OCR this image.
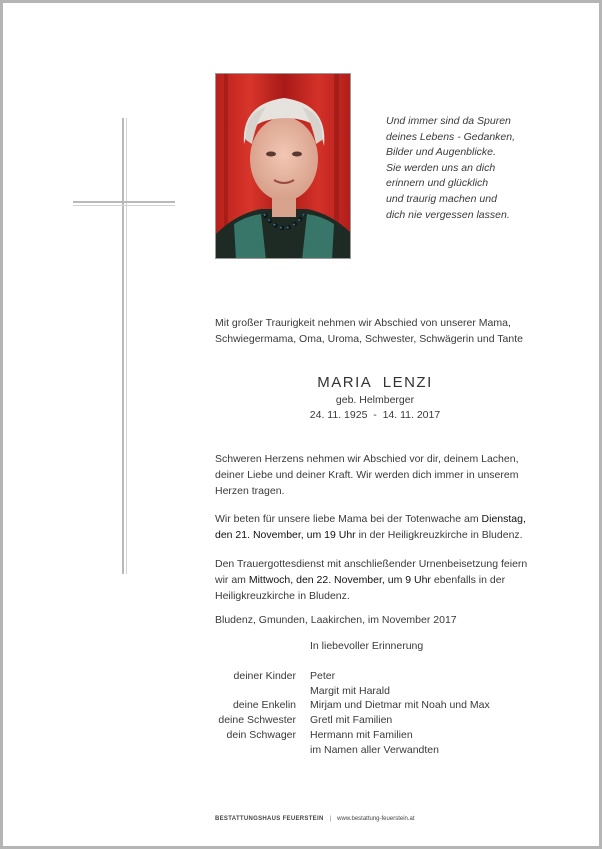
Und immer sind da Spuren
deines Lebens - Gedanken,
Bilder und Augenblicke.
Sie werden uns an dich
erinnern und glücklich
und traurig machen und
dich nie vergessen lassen.
Mit großer Traurigkeit nehmen wir Abschied von unserer Mama,
Schwiegermama, Oma, Uroma, Schwester, Schwägerin und Tante
MARIA  LENZI
geb. Helmberger
24. 11. 1925  -  14. 11. 2017
Schweren Herzens nehmen wir Abschied vor dir, deinem Lachen,
deiner Liebe und deiner Kraft. Wir werden dich immer in unserem
Herzen tragen.
Wir beten für unsere liebe Mama bei der Totenwache am Dienstag,
den 21. November, um 19 Uhr in der Heiligkreuzkirche in Bludenz.
Den Trauergottesdienst mit anschließender Urnenbeisetzung feiern
wir am Mittwoch, den 22. November, um 9 Uhr ebenfalls in der
Heiligkreuzkirche in Bludenz.
Bludenz, Gmunden, Laakirchen, im November 2017
In liebevoller Erinnerung
deiner Kinder	Peter
Margit mit Harald
deine Enkelin	Mirjam und Dietmar mit Noah und Max
deine Schwester	Gretl mit Familien
dein Schwager	Hermann mit Familien
im Namen aller Verwandten
BESTATTUNGSHAUS FEUERSTEIN | www.bestattung-feuerstein.at
